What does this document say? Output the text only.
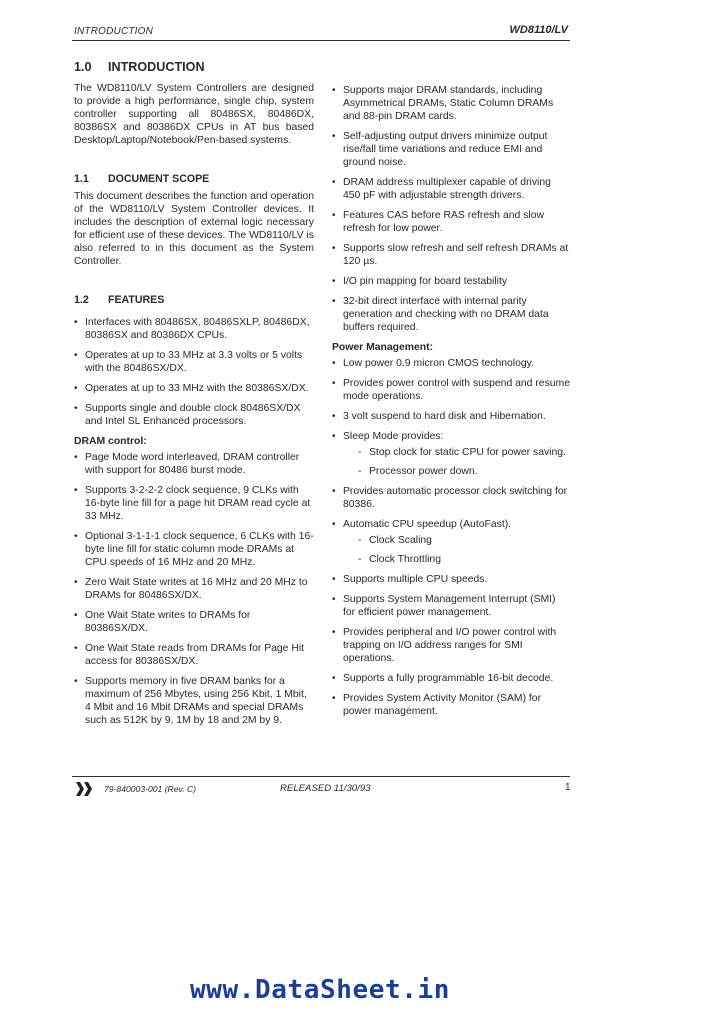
INTRODUCTION	WD8110/LV
1.0 INTRODUCTION

The WD8110/LV System Controllers are designed to provide a high performance, single chip, system controller supporting all 80486SX, 80486DX, 80386SX and 80386DX CPUs in AT bus based Desktop/Laptop/Notebook/Pen-based systems.

1.1 DOCUMENT SCOPE

This document describes the function and operation of the WD8110/LV System Controller devices. It includes the description of external logic necessary for efficient use of these devices. The WD8110/LV is also referred to in this document as the System Controller.

1.2 FEATURES
• Interfaces with 80486SX, 80486SXLP, 80486DX, 80386SX and 80386DX CPUs.
• Operates at up to 33 MHz at 3.3 volts or 5 volts with the 80486SX/DX.
• Operates at up to 33 MHz with the 80386SX/DX.
• Supports single and double clock 80486SX/DX and Intel SL Enhanced processors.
DRAM control:
• Page Mode word interleaved, DRAM controller with support for 80486 burst mode.
• Supports 3-2-2-2 clock sequence, 9 CLKs with 16-byte line fill for a page hit DRAM read cycle at 33 MHz.
• Optional 3-1-1-1 clock sequence, 6 CLKs with 16-byte line fill for static column mode DRAMs at CPU speeds of 16 MHz and 20 MHz.
• Zero Wait State writes at 16 MHz and 20 MHz to DRAMs for 80486SX/DX.
• One Wait State writes to DRAMs for 80386SX/DX.
• One Wait State reads from DRAMs for Page Hit access for 80386SX/DX.
• Supports memory in five DRAM banks for a maximum of 256 Mbytes, using 256 Kbit, 1 Mbit, 4 Mbit and 16 Mbit DRAMs and special DRAMs such as 512K by 9, 1M by 18 and 2M by 9.
• Supports major DRAM standards, including Asymmetrical DRAMs, Static Column DRAMs and 88-pin DRAM cards.
• Self-adjusting output drivers minimize output rise/fall time variations and reduce EMI and ground noise.
• DRAM address multiplexer capable of driving 450 pF with adjustable strength drivers.
• Features CAS before RAS refresh and slow refresh for low power.
• Supports slow refresh and self refresh DRAMs at 120 µs.
• I/O pin mapping for board testability
• 32-bit direct interface with internal parity generation and checking with no DRAM data buffers required.
Power Management:
• Low power 0.9 micron CMOS technology.
• Provides power control with suspend and resume mode operations.
• 3 volt suspend to hard disk and Hibernation.
• Sleep Mode provides:
- Stop clock for static CPU for power saving.
- Processor power down.
• Provides automatic processor clock switching for 80386.
• Automatic CPU speedup (AutoFast).
- Clock Scaling
- Clock Throttling
• Supports multiple CPU speeds.
• Supports System Management Interrupt (SMI) for efficient power management.
• Provides peripheral and I/O power control with trapping on I/O address ranges for SMI operations.
• Supports a fully programmable 16-bit decode.
• Provides System Activity Monitor (SAM) for power management.
79-840003-001 (Rev. C)	RELEASED 11/30/93	1
www.DataSheet.in
